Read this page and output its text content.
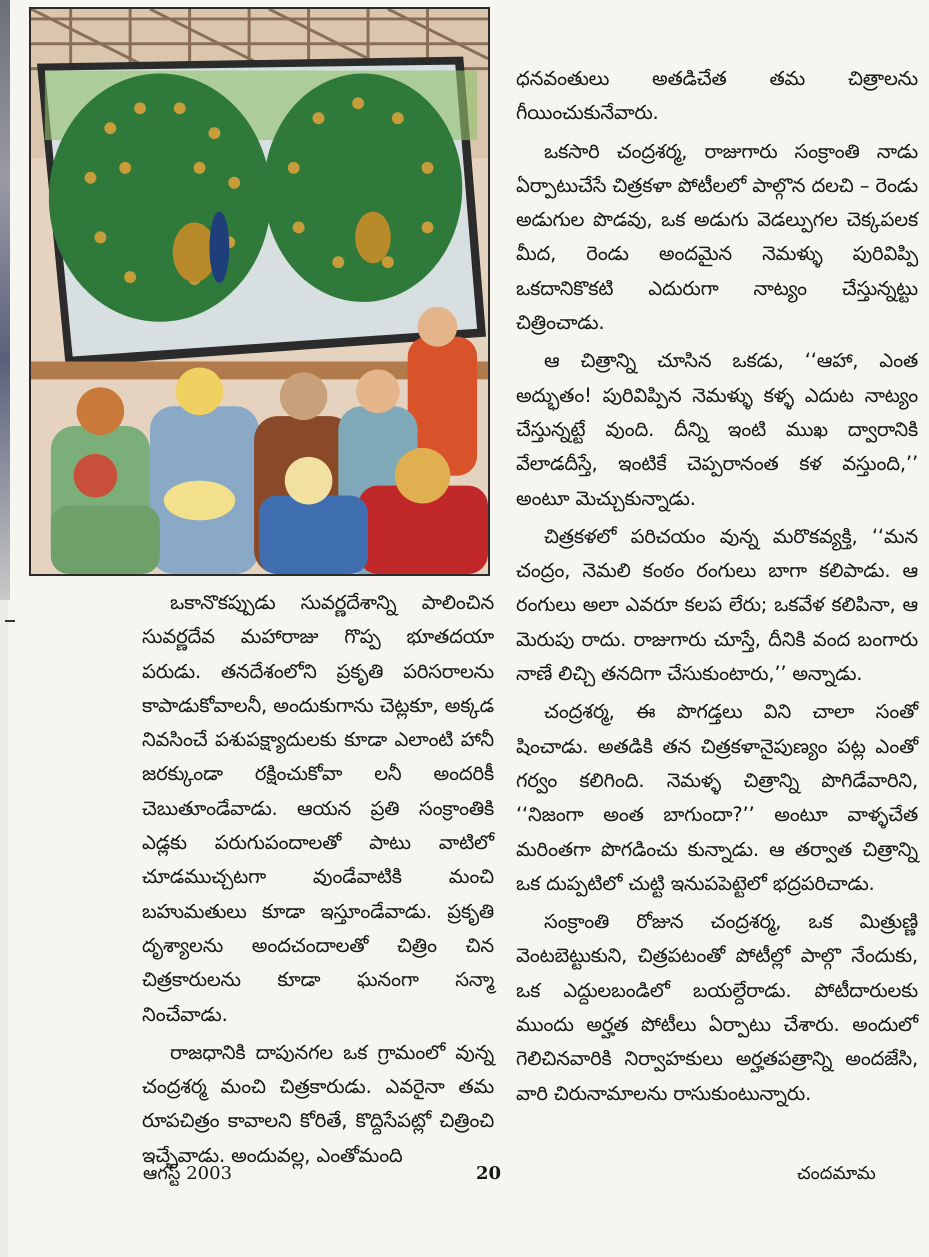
ధనవంతులు అతడిచేత తమ చిత్రాలను గీయించుకునేవారు.

ఒకసారి చంద్రశర్మ, రాజుగారు సంక్రాంతి నాడు ఏర్పాటుచేసే చిత్రకళా పోటీలలో పాల్గొన దలచి – రెండు అడుగుల పొడవు, ఒక అడుగు వెడల్పుగల చెక్కపలక మీద, రెండు అందమైన నెమళ్ళు పురివిప్పి ఒకదానికొకటి ఎదురుగా నాట్యం చేస్తున్నట్టు చిత్రించాడు.

ఆ చిత్రాన్ని చూసిన ఒకడు, ‘‘ఆహా, ఎంత అద్భుతం! పురివిప్పిన నెమళ్ళు కళ్ళ ఎదుట నాట్యం చేస్తున్నట్టే వుంది. దీన్ని ఇంటి ముఖ ద్వారానికి వేలాడదీస్తే, ఇంటికే చెప్పరానంత కళ వస్తుంది,’’ అంటూ మెచ్చుకున్నాడు.

చిత్రకళలో పరిచయం వున్న మరొకవ్యక్తి, ‘‘మన చంద్రం, నెమలి కంఠం రంగులు బాగా కలిపాడు. ఆ రంగులు అలా ఎవరూ కలప లేరు; ఒకవేళ కలిపినా, ఆ మెరుపు రాదు. రాజుగారు చూస్తే, దీనికి వంద బంగారు నాణే లిచ్చి తనదిగా చేసుకుంటారు,’’ అన్నాడు.

చంద్రశర్మ, ఈ పొగడ్తలు విని చాలా సంతో షించాడు. అతడికి తన చిత్రకళానైపుణ్యం పట్ల ఎంతో గర్వం కలిగింది. నెమళ్ళ చిత్రాన్ని పొగిడేవారిని, ‘‘నిజంగా అంత బాగుందా?’’ అంటూ వాళ్ళచేత మరింతగా పొగడించు కున్నాడు. ఆ తర్వాత చిత్రాన్ని ఒక దుప్పటిలో చుట్టి ఇనుపపెట్టెలో భద్రపరిచాడు.

సంక్రాంతి రోజున చంద్రశర్మ, ఒక మిత్రుణ్ణి వెంటబెట్టుకుని, చిత్రపటంతో పోటీల్లో పాల్గొ నేందుకు, ఒక ఎద్దులబండిలో బయల్దేరాడు. పోటీదారులకు ముందు అర్హత పోటీలు ఏర్పాటు చేశారు. అందులో గెలిచినవారికి నిర్వాహకులు అర్హతపత్రాన్ని అందజేసి, వారి చిరునామాలను రాసుకుంటున్నారు.

ఒకానొకప్పుడు సువర్ణదేశాన్ని పాలించిన సువర్ణదేవ మహారాజు గొప్ప భూతదయా పరుడు. తనదేశంలోని ప్రకృతి పరిసరాలను కాపాడుకోవాలనీ, అందుకుగాను చెట్లకూ, అక్కడ నివసించే పశుపక్ష్యాదులకు కూడా ఎలాంటి హానీ జరక్కుండా రక్షించుకోవా లనీ అందరికీ చెబుతూండేవాడు. ఆయన ప్రతి సంక్రాంతికి ఎడ్లకు పరుగుపందాలతో పాటు వాటిలో చూడముచ్చటగా వుండేవాటికి మంచి బహుమతులు కూడా ఇస్తూండేవాడు. ప్రకృతి దృశ్యాలను అందచందాలతో చిత్రిం చిన చిత్రకారులను కూడా ఘనంగా సన్మా నించేవాడు.

రాజధానికి దాపునగల ఒక గ్రామంలో వున్న చంద్రశర్మ మంచి చిత్రకారుడు. ఎవరైనా తమ రూపచిత్రం కావాలని కోరితే, కొద్దిసేపట్లో చిత్రించి ఇచ్చేవాడు. అందువల్ల, ఎంతోమంది

ఆగస్ట్ 2003	20	చందమామ
